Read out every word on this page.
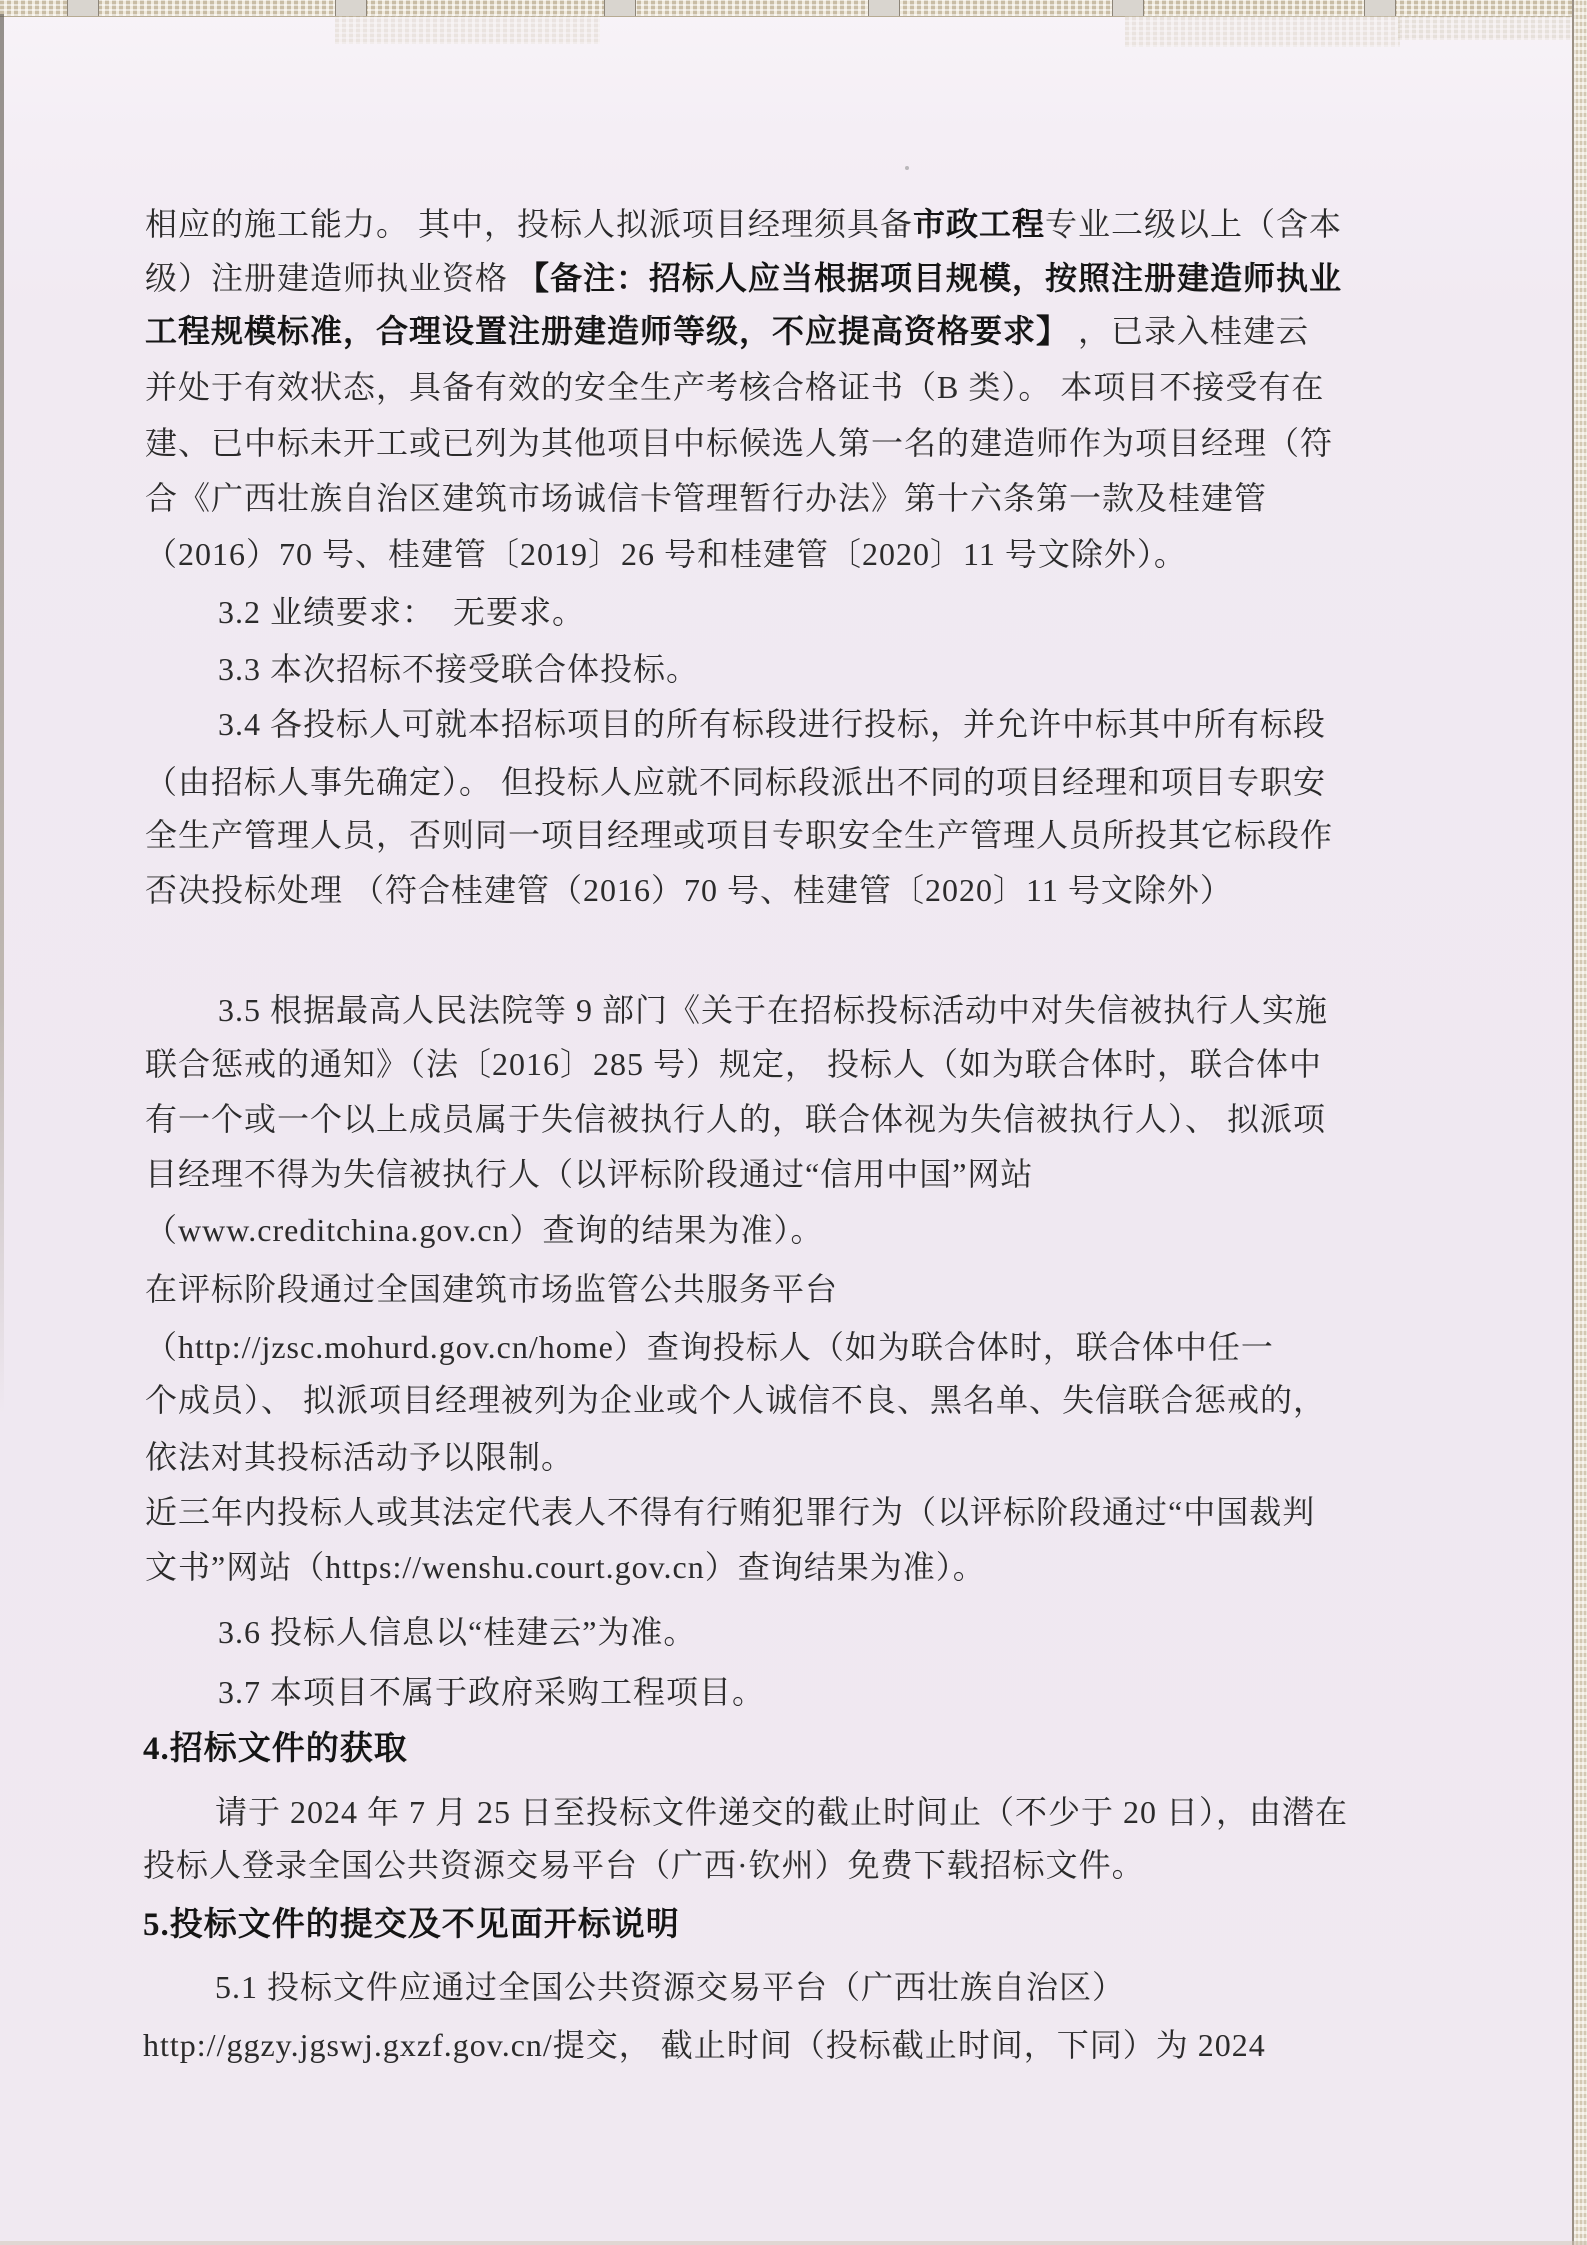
相应的施工能力。 其中，投标人拟派项目经理须具备市政工程专业二级以上（含本
级）注册建造师执业资格 【备注：招标人应当根据项目规模，按照注册建造师执业
工程规模标准，合理设置注册建造师等级，不应提高资格要求】 ，已录入桂建云
并处于有效状态，具备有效的安全生产考核合格证书（B 类）。 本项目不接受有在
建、已中标未开工或已列为其他项目中标候选人第一名的建造师作为项目经理（符
合《广西壮族自治区建筑市场诚信卡管理暂行办法》第十六条第一款及桂建管
（2016）70 号、桂建管〔2019〕26 号和桂建管〔2020〕11 号文除外）。
3.2 业绩要求：  无要求。
3.3 本次招标不接受联合体投标。
3.4 各投标人可就本招标项目的所有标段进行投标，并允许中标其中所有标段
（由招标人事先确定）。 但投标人应就不同标段派出不同的项目经理和项目专职安
全生产管理人员，否则同一项目经理或项目专职安全生产管理人员所投其它标段作
否决投标处理 （符合桂建管（2016）70 号、桂建管〔2020〕11 号文除外）
3.5 根据最高人民法院等 9 部门《关于在招标投标活动中对失信被执行人实施
联合惩戒的通知》（法〔2016〕285 号）规定， 投标人（如为联合体时，联合体中
有一个或一个以上成员属于失信被执行人的，联合体视为失信被执行人）、 拟派项
目经理不得为失信被执行人（以评标阶段通过“信用中国”网站
（www.creditchina.gov.cn）查询的结果为准）。
在评标阶段通过全国建筑市场监管公共服务平台
（http://jzsc.mohurd.gov.cn/home）查询投标人（如为联合体时，联合体中任一
个成员）、 拟派项目经理被列为企业或个人诚信不良、黑名单、失信联合惩戒的，
依法对其投标活动予以限制。
近三年内投标人或其法定代表人不得有行贿犯罪行为（以评标阶段通过“中国裁判
文书”网站（https://wenshu.court.gov.cn）查询结果为准）。
3.6 投标人信息以“桂建云”为准。
3.7 本项目不属于政府采购工程项目。
4.招标文件的获取
请于 2024 年 7 月 25 日至投标文件递交的截止时间止（不少于 20 日），由潜在
投标人登录全国公共资源交易平台（广西·钦州）免费下载招标文件。
5.投标文件的提交及不见面开标说明
5.1 投标文件应通过全国公共资源交易平台（广西壮族自治区）
http://ggzy.jgswj.gxzf.gov.cn/提交， 截止时间（投标截止时间，下同）为 2024
